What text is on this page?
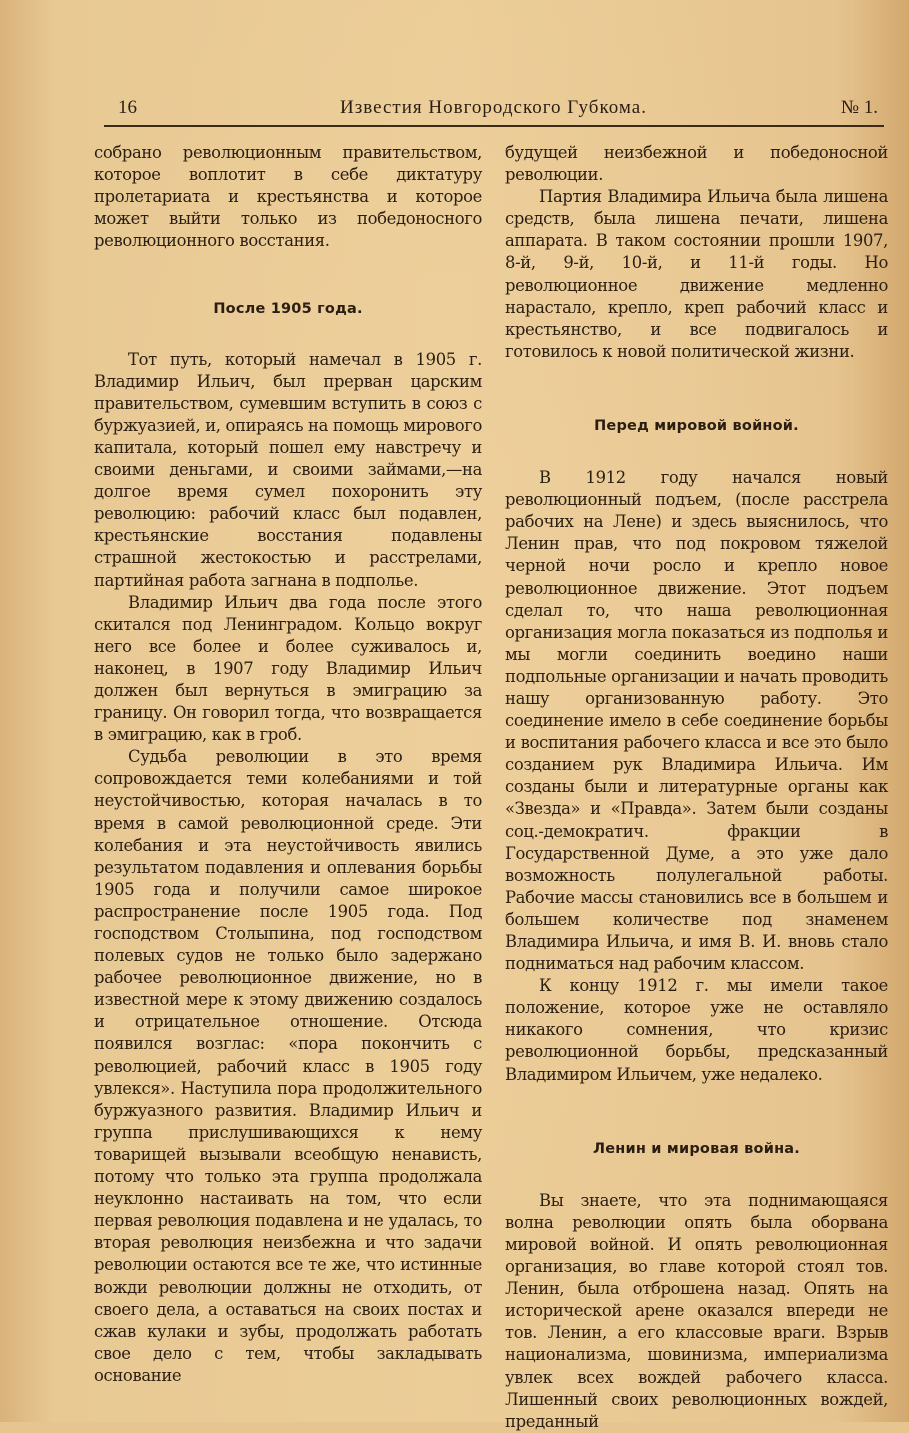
16	Известия Новгородского Губкома.	№ 1.

собрано революционным правительством, которое воплотит в себе диктатуру пролетариата и крестьянства и которое может выйти только из победоносного революционного восстания.

После 1905 года.

Тот путь, который намечал в 1905 г. Владимир Ильич, был прерван царским правительством, сумевшим вступить в союз с буржуазией, и, опираясь на помощь мирового капитала, который пошел ему навстречу и своими деньгами, и своими займами,—на долгое время сумел похоронить эту революцию: рабочий класс был подавлен, крестьянские восстания подавлены страшной жестокостью и расстрелами, партийная работа загнана в подполье.

Владимир Ильич два года после этого скитался под Ленинградом. Кольцо вокруг него все более и более суживалось и, наконец, в 1907 году Владимир Ильич должен был вернуться в эмиграцию за границу. Он говорил тогда, что возвращается в эмиграцию, как в гроб.

Судьба революции в это время сопровождается теми колебаниями и той неустойчивостью, которая началась в то время в самой революционной среде. Эти колебания и эта неустойчивость явились результатом подавления и оплевания борьбы 1905 года и получили самое широкое распространение после 1905 года. Под господством Столыпина, под господством полевых судов не только было задержано рабочее революционное движение, но в известной мере к этому движению создалось и отрицательное отношение. Отсюда появился возглас: «пора покончить с революцией, рабочий класс в 1905 году увлекся». Наступила пора продолжительного буржуазного развития. Владимир Ильич и группа прислушивающихся к нему товарищей вызывали всеобщую ненависть, потому что только эта группа продолжала неуклонно настаивать на том, что если первая революция подавлена и не удалась, то вторая революция неизбежна и что задачи революции остаются все те же, что истинные вожди революции должны не отходить, от своего дела, а оставаться на своих постах и сжав кулаки и зубы, продолжать работать свое дело с тем, чтобы закладывать основание

будущей неизбежной и победоносной революции.

Партия Владимира Ильича была лишена средств, была лишена печати, лишена аппарата. В таком состоянии прошли 1907, 8-й, 9-й, 10-й, и 11-й годы. Но революционное движение медленно нарастало, крепло, креп рабочий класс и крестьянство, и все подвигалось и готовилось к новой политической жизни.

Перед мировой войной.

В 1912 году начался новый революционный подъем, (после расстрела рабочих на Лене) и здесь выяснилось, что Ленин прав, что под покровом тяжелой черной ночи росло и крепло новое революционное движение. Этот подъем сделал то, что наша революционная организация могла показаться из подполья и мы могли соединить воедино наши подпольные организации и начать проводить нашу организованную работу. Это соединение имело в себе соединение борьбы и воспитания рабочего класса и все это было созданием рук Владимира Ильича. Им созданы были и литературные органы как «Звезда» и «Правда». Затем были созданы соц.-демократич. фракции в Государственной Думе, а это уже дало возможность полулегальной работы. Рабочие массы становились все в большем и большем количестве под знаменем Владимира Ильича, и имя В. И. вновь стало подниматься над рабочим классом.

К концу 1912 г. мы имели такое положение, которое уже не оставляло никакого сомнения, что кризис революционной борьбы, предсказанный Владимиром Ильичем, уже недалеко.

Ленин и мировая война.

Вы знаете, что эта поднимающаяся волна революции опять была оборвана мировой войной. И опять революционная организация, во главе которой стоял тов. Ленин, была отброшена назад. Опять на исторической арене оказался впереди не тов. Ленин, а его классовые враги. Взрыв национализма, шовинизма, империализма увлек всех вождей рабочего класса. Лишенный своих революционных вождей, преданный
